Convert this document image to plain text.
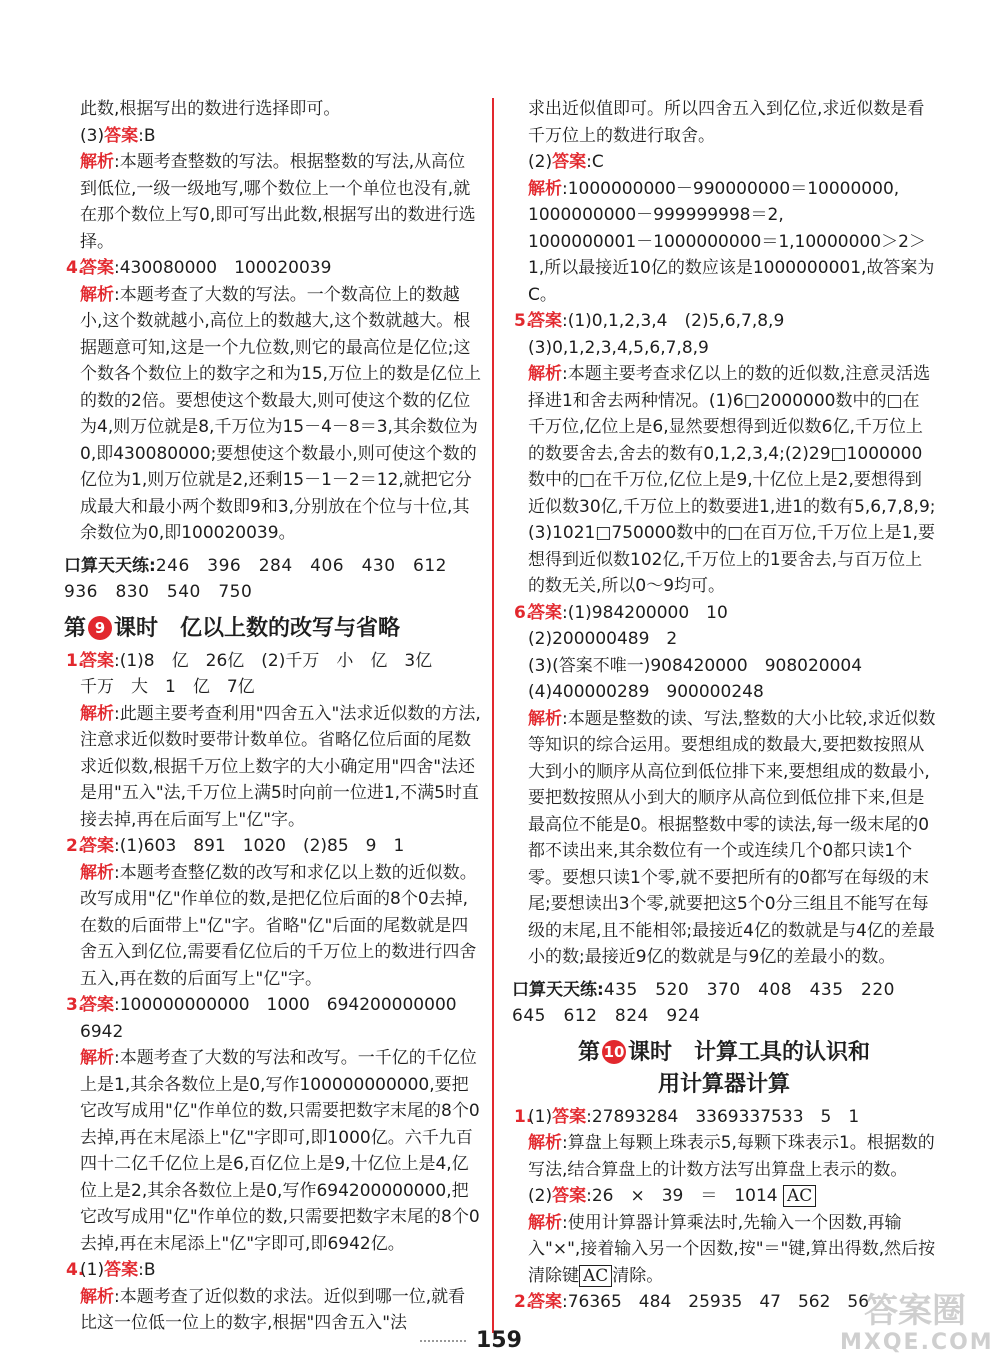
此数,根据写出的数进行选择即可。

(3)答案:B

解析:本题考查整数的写法。根据整数的写法,从高位到低位,一级一级地写,哪个数位上一个单位也没有,就在那个数位上写0,即可写出此数,根据写出的数进行选择。

4.答案:430080000　100020039

解析:本题考查了大数的写法。一个数高位上的数越小,这个数就越小,高位上的数越大,这个数就越大。根据题意可知,这是一个九位数,则它的最高位是亿位;这个数各个数位上的数字之和为15,万位上的数是亿位上的数的2倍。要想使这个数最大,则可使这个数的亿位为4,则万位就是8,千万位为15－4－8＝3,其余数位为0,即430080000;要想使这个数最小,则可使这个数的亿位为1,则万位就是2,还剩15－1－2＝12,就把它分成最大和最小两个数即9和3,分别放在个位与十位,其余数位为0,即100020039。

口算天天练:246　396　284　406　430　612　936　830　540　750

第 9 课时　亿以上数的改写与省略

1.答案:(1)8　亿　26亿　(2)千万　小　亿　3亿

千万　大　1　亿　7亿

解析:此题主要考查利用"四舍五入"法求近似数的方法,注意求近似数时要带计数单位。省略亿位后面的尾数求近似数,根据千万位上数字的大小确定用"四舍"法还是用"五入"法,千万位上满5时向前一位进1,不满5时直接去掉,再在后面写上"亿"字。

2.答案:(1)603　891　1020　(2)85　9　1

解析:本题考查整亿数的改写和求亿以上数的近似数。改写成用"亿"作单位的数,是把亿位后面的8个0去掉,在数的后面带上"亿"字。省略"亿"后面的尾数就是四舍五入到亿位,需要看亿位后的千万位上的数进行四舍五入,再在数的后面写上"亿"字。

3.答案:100000000000　1000　694200000000　6942

解析:本题考查了大数的写法和改写。一千亿的千亿位上是1,其余各数位上是0,写作100000000000,要把它改写成用"亿"作单位的数,只需要把数字末尾的8个0去掉,再在末尾添上"亿"字即可,即1000亿。六千九百四十二亿千亿位上是6,百亿位上是9,十亿位上是4,亿位上是2,其余各数位上是0,写作694200000000,把它改写成用"亿"作单位的数,只需要把数字末尾的8个0去掉,再在末尾添上"亿"字即可,即6942亿。

4.(1)答案:B

解析:本题考查了近似数的求法。近似到哪一位,就看比这一位低一位上的数字,根据"四舍五入"法

求出近似值即可。所以四舍五入到亿位,求近似数是看千万位上的数进行取舍。

(2)答案:C

解析:1000000000－990000000＝10000000,

1000000000－999999998＝2,

1000000001－1000000000＝1,10000000＞2＞1,所以最接近10亿的数应该是1000000001,故答案为C。

5.答案:(1)0,1,2,3,4　(2)5,6,7,8,9

(3)0,1,2,3,4,5,6,7,8,9

解析:本题主要考查求亿以上的数的近似数,注意灵活选择进1和舍去两种情况。(1)6□2000000数中的□在千万位,亿位上是6,显然要想得到近似数6亿,千万位上的数要舍去,舍去的数有0,1,2,3,4;(2)29□1000000数中的□在千万位,亿位上是9,十亿位上是2,要想得到近似数30亿,千万位上的数要进1,进1的数有5,6,7,8,9;(3)1021□750000数中的□在百万位,千万位上是1,要想得到近似数102亿,千万位上的1要舍去,与百万位上的数无关,所以0～9均可。

6.答案:(1)984200000　10

(2)200000489　2

(3)(答案不唯一)908420000　908020004

(4)400000289　900000248

解析:本题是整数的读、写法,整数的大小比较,求近似数等知识的综合运用。要想组成的数最大,要把数按照从大到小的顺序从高位到低位排下来,要想组成的数最小,要把数按照从小到大的顺序从高位到低位排下来,但是最高位不能是0。根据整数中零的读法,每一级末尾的0都不读出来,其余数位有一个或连续几个0都只读1个零。要想只读1个零,就不要把所有的0都写在每级的末尾;要想读出3个零,就要把这5个0分三组且不能写在每级的末尾,且不能相邻;最接近4亿的数就是与4亿的差最小的数;最接近9亿的数就是与9亿的差最小的数。

口算天天练:435　520　370　408　435　220　645　612　824　924

第 10 课时　计算工具的认识和
用计算器计算

1.(1)答案:27893284　3369337533　5　1

解析:算盘上每颗上珠表示5,每颗下珠表示1。根据数的写法,结合算盘上的计数方法写出算盘上表示的数。

(2)答案:26　×　39　＝　1014 AC

解析:使用计算器计算乘法时,先输入一个因数,再输入"×",接着输入另一个因数,按"＝"键,算出得数,然后按清除键 AC 清除。

2.答案:76365　484　25935　47　562　56

159
答案圈
MXQE.COM
